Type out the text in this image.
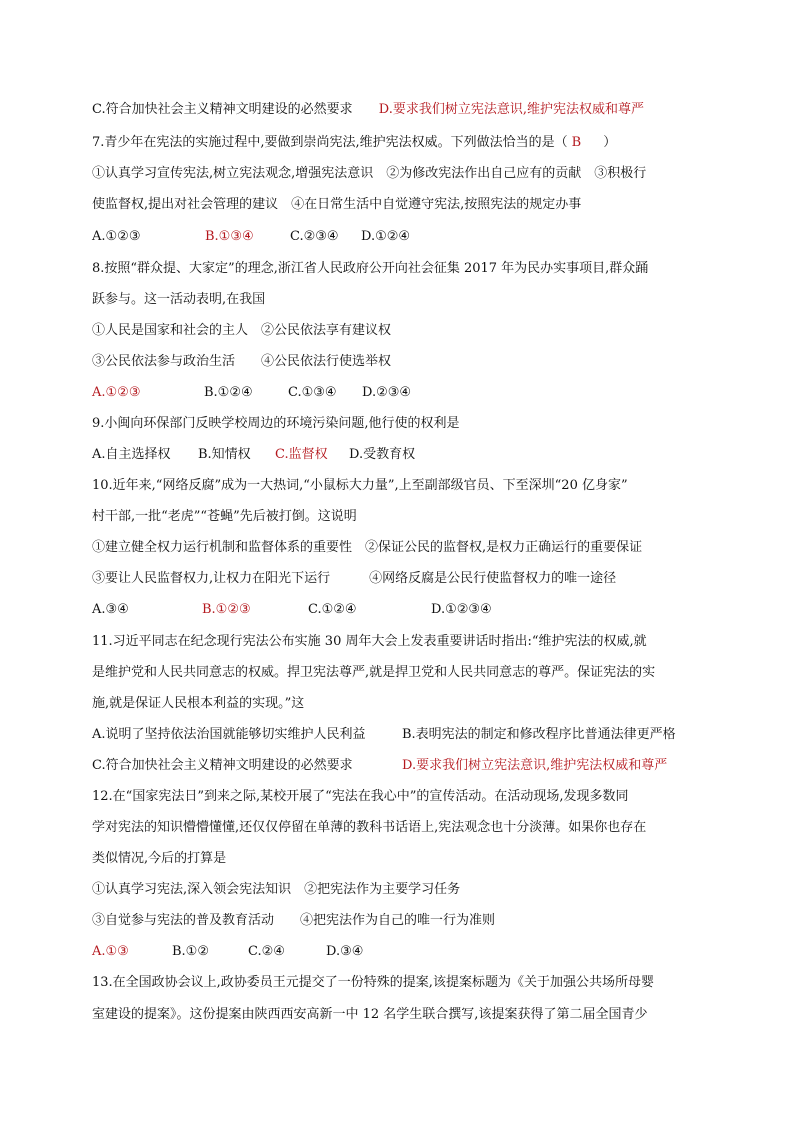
C.符合加快社会主义精神文明建设的必然要求 D.要求我们树立宪法意识,维护宪法权威和尊严
7.青少年在宪法的实施过程中,要做到崇尚宪法,维护宪法权威。下列做法恰当的是（ B ）
①认真学习宣传宪法,树立宪法观念,增强宪法意识　②为修改宪法作出自己应有的贡献　③积极行
使监督权,提出对社会管理的建议　④在日常生活中自觉遵守宪法,按照宪法的规定办事
A.①②③	B.①③④	C.②③④ D.①②④
8.按照“群众提、大家定”的理念,浙江省人民政府公开向社会征集 2017 年为民办实事项目,群众踊
跃参与。这一活动表明,在我国
①人民是国家和社会的主人　②公民依法享有建议权
③公民依法参与政治生活　　④公民依法行使选举权
A.①②③	B.①②④	C.①③④ D.②③④
9.小闽向环保部门反映学校周边的环境污染问题,他行使的权利是
A.自主选择权 B.知情权 C.监督权 D.受教育权
10.近年来,“网络反腐”成为一大热词,“小鼠标大力量”,上至副部级官员、下至深圳“20 亿身家”
村干部,一批“老虎”“苍蝇”先后被打倒。这说明
①建立健全权力运行机制和监督体系的重要性　②保证公民的监督权,是权力正确运行的重要保证
③要让人民监督权力,让权力在阳光下运行　　　④网络反腐是公民行使监督权力的唯一途径
A.③④	B.①②③	C.①②④	D.①②③④
11.习近平同志在纪念现行宪法公布实施 30 周年大会上发表重要讲话时指出:“维护宪法的权威,就
是维护党和人民共同意志的权威。捍卫宪法尊严,就是捍卫党和人民共同意志的尊严。保证宪法的实
施,就是保证人民根本利益的实现。”这
A.说明了坚持依法治国就能够切实维护人民利益	B.表明宪法的制定和修改程序比普通法律更严格
C.符合加快社会主义精神文明建设的必然要求	D.要求我们树立宪法意识,维护宪法权威和尊严
12.在“国家宪法日”到来之际,某校开展了“宪法在我心中”的宣传活动。在活动现场,发现多数同
学对宪法的知识懵懵懂懂,还仅仅停留在单薄的教科书话语上,宪法观念也十分淡薄。如果你也存在
类似情况,今后的打算是
①认真学习宪法,深入领会宪法知识　②把宪法作为主要学习任务
③自觉参与宪法的普及教育活动　　④把宪法作为自己的唯一行为准则
A.①③	B.①②	C.②④	D.③④
13.在全国政协会议上,政协委员王元提交了一份特殊的提案,该提案标题为《关于加强公共场所母婴
室建设的提案》。这份提案由陕西西安高新一中 12 名学生联合撰写,该提案获得了第二届全国青少
